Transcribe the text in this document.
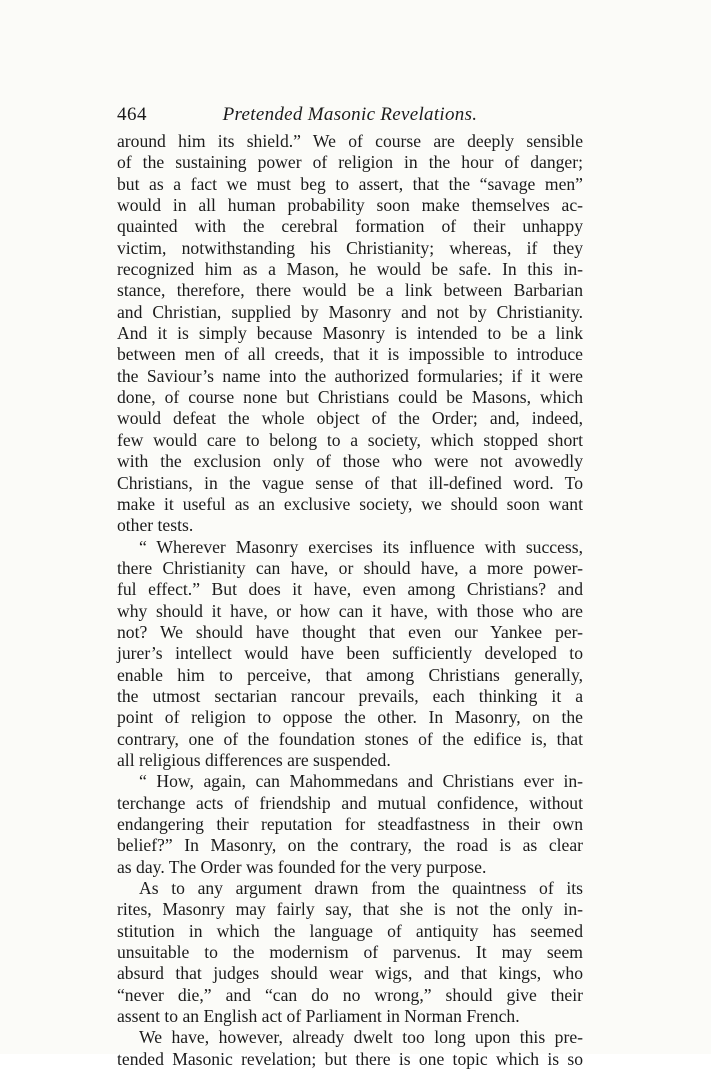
464	Pretended Masonic Revelations.
around him its shield.” We of course are deeply sensible
of the sustaining power of religion in the hour of danger;
but as a fact we must beg to assert, that the “savage men”
would in all human probability soon make themselves ac-
quainted with the cerebral formation of their unhappy
victim, notwithstanding his Christianity; whereas, if they
recognized him as a Mason, he would be safe. In this in-
stance, therefore, there would be a link between Barbarian
and Christian, supplied by Masonry and not by Christianity.
And it is simply because Masonry is intended to be a link
between men of all creeds, that it is impossible to introduce
the Saviour’s name into the authorized formularies; if it were
done, of course none but Christians could be Masons, which
would defeat the whole object of the Order; and, indeed,
few would care to belong to a society, which stopped short
with the exclusion only of those who were not avowedly
Christians, in the vague sense of that ill-defined word. To
make it useful as an exclusive society, we should soon want
other tests.
“ Wherever Masonry exercises its influence with success,
there Christianity can have, or should have, a more power-
ful effect.” But does it have, even among Christians? and
why should it have, or how can it have, with those who are
not? We should have thought that even our Yankee per-
jurer’s intellect would have been sufficiently developed to
enable him to perceive, that among Christians generally,
the utmost sectarian rancour prevails, each thinking it a
point of religion to oppose the other. In Masonry, on the
contrary, one of the foundation stones of the edifice is, that
all religious differences are suspended.
“ How, again, can Mahommedans and Christians ever in-
terchange acts of friendship and mutual confidence, without
endangering their reputation for steadfastness in their own
belief?” In Masonry, on the contrary, the road is as clear
as day. The Order was founded for the very purpose.
As to any argument drawn from the quaintness of its
rites, Masonry may fairly say, that she is not the only in-
stitution in which the language of antiquity has seemed
unsuitable to the modernism of parvenus. It may seem
absurd that judges should wear wigs, and that kings, who
“never die,” and “can do no wrong,” should give their
assent to an English act of Parliament in Norman French.
We have, however, already dwelt too long upon this pre-
tended Masonic revelation; but there is one topic which is so
